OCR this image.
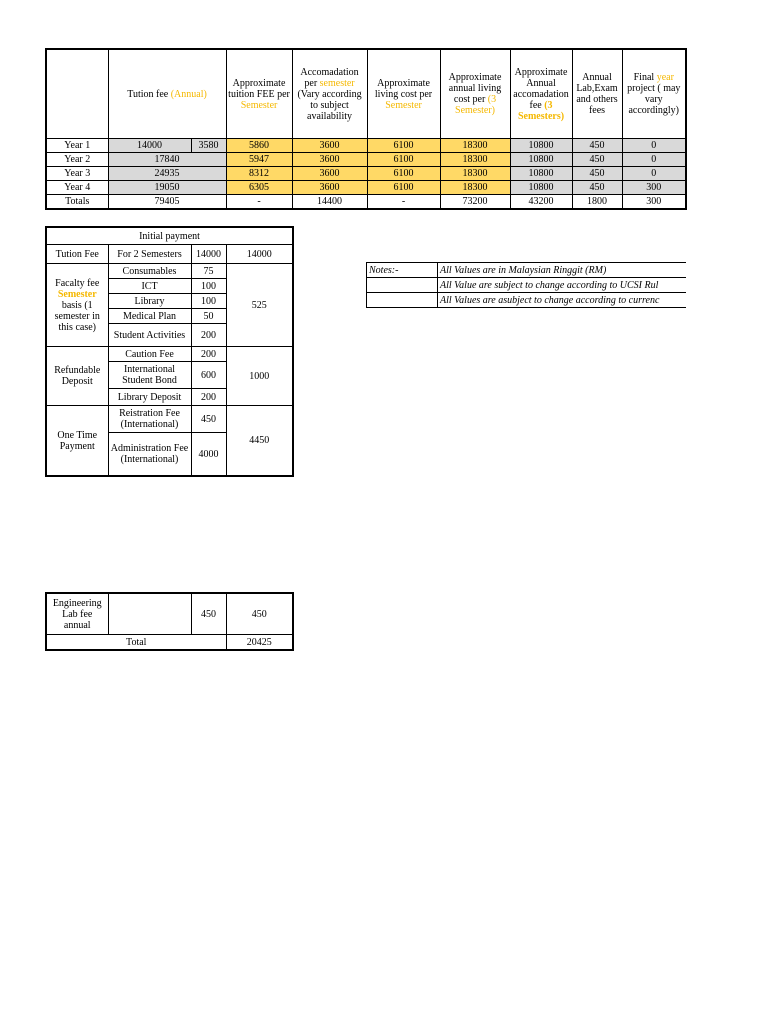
	Tution fee (Annual)		Approximate tuition FEE per Semester	Accomadation per semester (Vary according to subject availability	Approximate living cost per Semester	Approximate annual living cost per (3 Semester)	Approximate Annual accomadation fee (3 Semesters)	Annual Lab,Exam and others fees	Final year project ( may vary accordingly)
Year 1	14000	3580	5860	3600	6100	18300	10800	450	0
Year 2	17840		5947	3600	6100	18300	10800	450	0
Year 3	24935		8312	3600	6100	18300	10800	450	0
Year 4	19050		6305	3600	6100	18300	10800	450	300
Totals	79405		-	14400	-	73200	43200	1800	300
Initial payment			
Tution Fee	For 2 Semesters	14000	14000
Facalty fee
Semester basis (1 semester in this case)	Consumables	75	525
	ICT	100	
	Library	100	
	Medical Plan	50	
	Student Activities	200	
Refundable Deposit	Caution Fee	200	1000
	International Student Bond	600	
	Library Deposit	200	
One Time Payment	Reistration Fee (International)	450	4450
	Administration Fee (International)	4000	
Notes:-	All Values are in Malaysian Ringgit (RM)
	All Value are subject to change according to UCSI Rul
	All Values are asubject to change according to currenc
Engineering Lab fee annual		450	450
Total			20425
